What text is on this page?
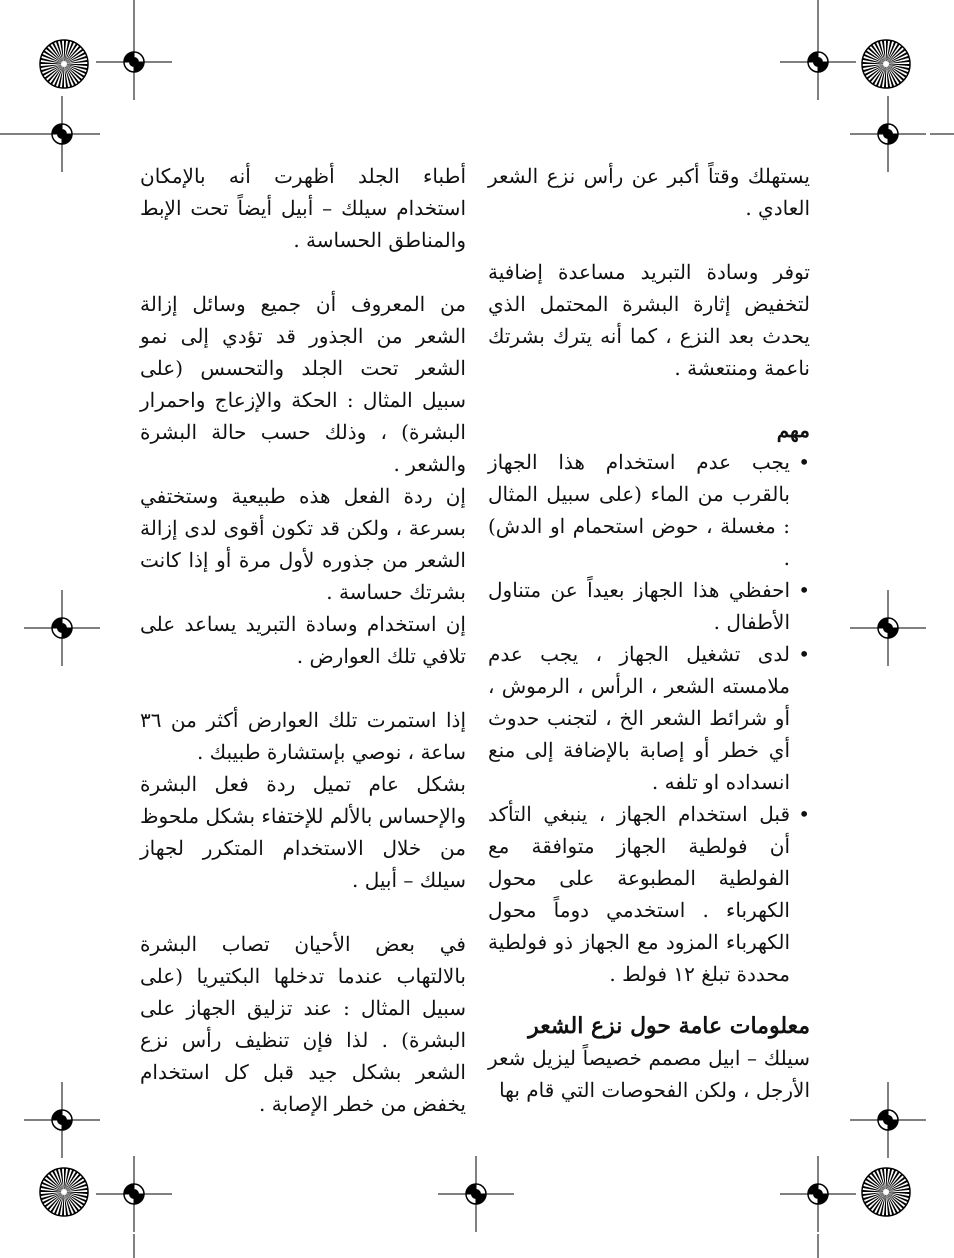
يستهلك وقتاً أكبر عن رأس نزع الشعر العادي .

توفر وسادة التبريد مساعدة إضافية لتخفيض إثارة البشرة المحتمل الذي يحدث بعد النزع ، كما أنه يترك بشرتك ناعمة ومنتعشة .

مهم
•
يجب عدم استخدام هذا الجهاز بالقرب من الماء (على سبيل المثال : مغسلة ، حوض استحمام او الدش) .
•
احفظي هذا الجهاز بعيداً عن متناول الأطفال .
•
لدى تشغيل الجهاز ، يجب عدم ملامسته الشعر ، الرأس ، الرموش ، أو شرائط الشعر الخ ، لتجنب حدوث أي خطر أو إصابة بالإضافة إلى منع انسداده او تلفه .
•
قبل استخدام الجهاز ، ينبغي التأكد أن فولطية الجهاز متوافقة مع الفولطية المطبوعة على محول الكهرباء . استخدمي دوماً محول الكهرباء المزود مع الجهاز ذو فولطية محددة تبلغ ١٢ فولط .
معلومات عامة حول نزع الشعر

سيلك – ابيل مصمم خصيصاً ليزيل شعر الأرجل ، ولكن الفحوصات التي قام بها

أطباء الجلد أظهرت أنه بالإمكان استخدام سيلك – أبيل أيضاً تحت الإبط والمناطق الحساسة .

من المعروف أن جميع وسائل إزالة الشعر من الجذور قد تؤدي إلى نمو الشعر تحت الجلد والتحسس (على سبيل المثال : الحكة والإزعاج واحمرار البشرة) ، وذلك حسب حالة البشرة والشعر .

إن ردة الفعل هذه طبيعية وستختفي بسرعة ، ولكن قد تكون أقوى لدى إزالة الشعر من جذوره لأول مرة أو إذا كانت بشرتك حساسة .

إن استخدام وسادة التبريد يساعد على تلافي تلك العوارض .

إذا استمرت تلك العوارض أكثر من ٣٦ ساعة ، نوصي بإستشارة طبيبك .

بشكل عام تميل ردة فعل البشرة والإحساس بالألم للإختفاء بشكل ملحوظ من خلال الاستخدام المتكرر لجهاز سيلك – أبيل .

في بعض الأحيان تصاب البشرة بالالتهاب عندما تدخلها البكتيريا (على سبيل المثال : عند تزليق الجهاز على البشرة) . لذا فإن تنظيف رأس نزع الشعر بشكل جيد قبل كل استخدام يخفض من خطر الإصابة .
